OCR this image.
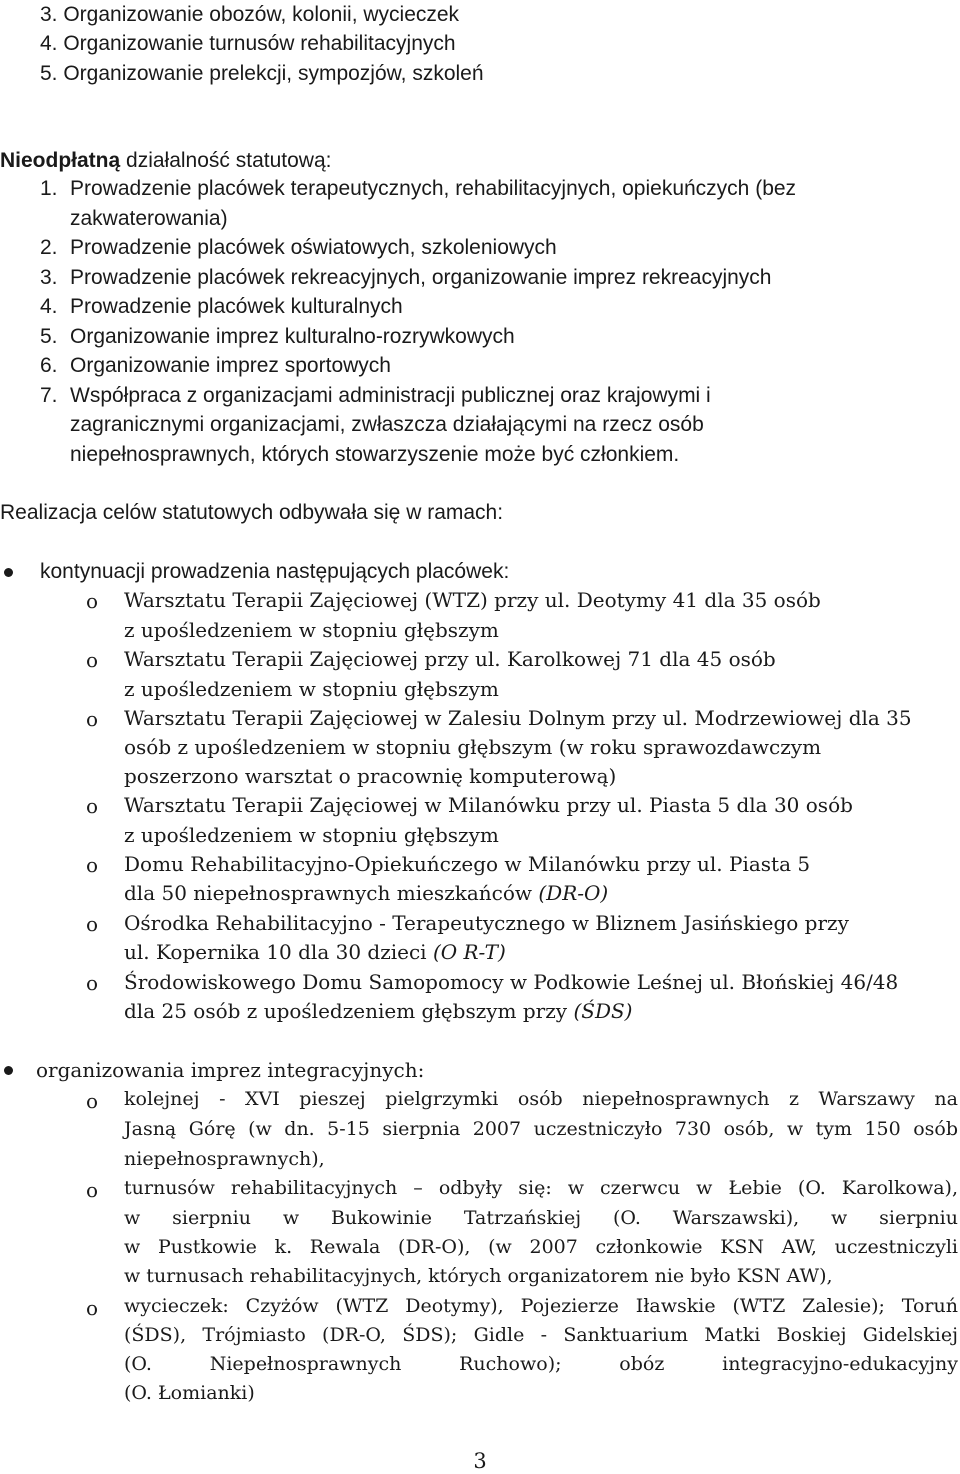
3. Organizowanie obozów, kolonii, wycieczek
4. Organizowanie turnusów rehabilitacyjnych
5. Organizowanie prelekcji, sympozjów, szkoleń
Nieodpłatną działalność statutową:
1. Prowadzenie placówek terapeutycznych, rehabilitacyjnych, opiekuńczych (bez
zakwaterowania)
2. Prowadzenie placówek oświatowych, szkoleniowych
3. Prowadzenie placówek rekreacyjnych, organizowanie imprez rekreacyjnych
4. Prowadzenie placówek kulturalnych
5. Organizowanie imprez kulturalno-rozrywkowych
6. Organizowanie imprez sportowych
7. Współpraca z organizacjami administracji publicznej oraz krajowymi i
zagranicznymi organizacjami, zwłaszcza działającymi na rzecz osób
niepełnosprawnych, których stowarzyszenie może być członkiem.
Realizacja celów statutowych odbywała się w ramach:
kontynuacji prowadzenia następujących placówek:
o Warsztatu Terapii Zajęciowej (WTZ) przy ul. Deotymy 41 dla 35 osób
z upośledzeniem w stopniu głębszym
o Warsztatu Terapii Zajęciowej przy ul. Karolkowej 71 dla 45 osób
z upośledzeniem w stopniu głębszym
o Warsztatu Terapii Zajęciowej w Zalesiu Dolnym przy ul. Modrzewiowej dla 35
osób z upośledzeniem w stopniu głębszym (w roku sprawozdawczym
poszerzono warsztat o pracownię komputerową)
o Warsztatu Terapii Zajęciowej w Milanówku przy ul. Piasta 5 dla 30 osób
z upośledzeniem w stopniu głębszym
o Domu Rehabilitacyjno-Opiekuńczego w Milanówku przy ul. Piasta 5
dla 50 niepełnosprawnych mieszkańców (DR-O)
o Ośrodka Rehabilitacyjno - Terapeutycznego w Bliznem Jasińskiego przy
ul. Kopernika 10 dla 30 dzieci (O R-T)
o Środowiskowego Domu Samopomocy w Podkowie Leśnej ul. Błońskiej 46/48
dla 25 osób z upośledzeniem głębszym przy (ŚDS)
organizowania imprez integracyjnych:
o kolejnej - XVI pieszej pielgrzymki osób niepełnosprawnych z Warszawy na
Jasną Górę (w dn. 5-15 sierpnia 2007 uczestniczyło 730 osób, w tym 150 osób
niepełnosprawnych),
o turnusów rehabilitacyjnych – odbyły się: w czerwcu w Łebie (O. Karolkowa),
w sierpniu w Bukowinie Tatrzańskiej (O. Warszawski), w sierpniu
w Pustkowie k. Rewala (DR-O), (w 2007 członkowie KSN AW, uczestniczyli
w turnusach rehabilitacyjnych, których organizatorem nie było KSN AW),
o wycieczek: Czyżów (WTZ Deotymy), Pojezierze Iławskie (WTZ Zalesie); Toruń
(ŚDS), Trójmiasto (DR-O, ŚDS); Gidle - Sanktuarium Matki Boskiej Gidelskiej
(O. Niepełnosprawnych Ruchowo); obóz integracyjno-edukacyjny
(O. Łomianki)
3
